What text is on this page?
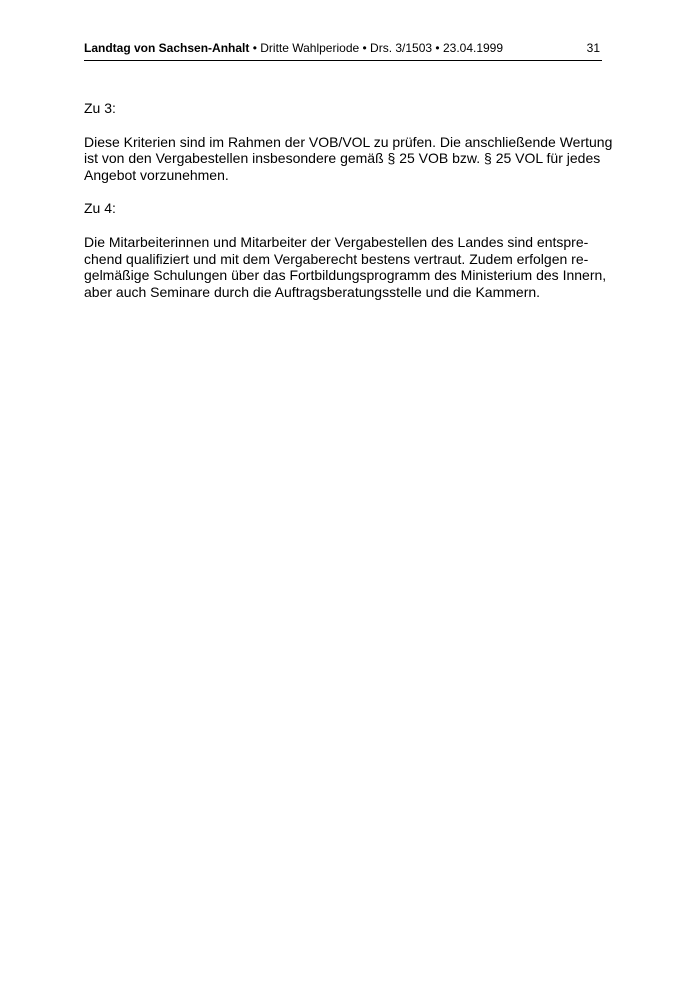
Landtag von Sachsen-Anhalt • Dritte Wahlperiode • Drs. 3/1503 • 23.04.1999	31
Zu 3:
Diese Kriterien sind im Rahmen der VOB/VOL zu prüfen. Die anschließende Wertung
ist von den Vergabestellen insbesondere gemäß § 25 VOB bzw. § 25 VOL für jedes
Angebot vorzunehmen.
Zu 4:
Die Mitarbeiterinnen und Mitarbeiter der Vergabestellen des Landes sind entspre-
chend qualifiziert und mit dem Vergaberecht bestens vertraut. Zudem erfolgen re-
gelmäßige Schulungen über das Fortbildungsprogramm des Ministerium des Innern,
aber auch Seminare durch die Auftragsberatungsstelle und die Kammern.
